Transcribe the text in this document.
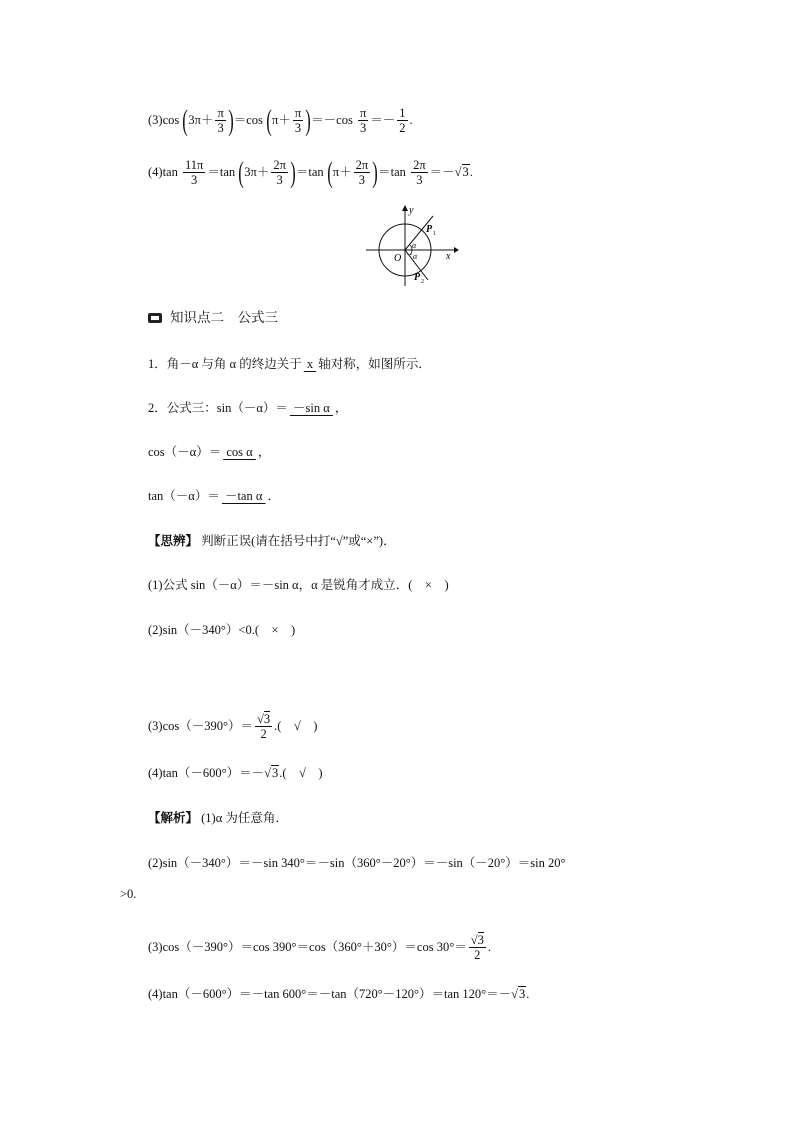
(3)cos $(3\pi+ \frac{\pi}{3} )=\cos$ $(\pi+ \frac{\pi}{3} )=-\cos \frac{\pi}{3} =- \frac{1}{2}$ .
$(4)\tan \frac{11\pi}{3} =\tan$ $(3\pi+ \frac{2\pi}{3} )=\tan$ $(\pi+ \frac{2\pi}{3} )=\tan \frac{2\pi}{3} =-√3$.
y
x
O
α
－ α
P 1
P 2
知识点二　公式三
1．角－α 与角 α 的终边关于 x 轴对称，如图所示．
2．公式三：sin（－α）＝ －sin α ，
cos（－α）＝ cos α ，
tan（－α）＝ －tan α ．
【思辨】 判断正误(请在括号中打“√”或“×”)．
(1)公式 sin（－α）＝－sin α，α 是锐角才成立．(　×　)
(2)sin（－340°）<0.(　×　)
$(3)\cos(-390^\circ)= \frac{√3}{2}$ .(　√　)
(4)tan（－600°）＝－√3.(　√　)
【解析】 (1)α 为任意角．
(2)sin（－340°）＝－sin 340°＝－sin（360°－20°）＝－sin（－20°）＝sin 20°
>0.
(3)cos（－390°）＝cos 390°＝cos（360°＋30°）＝cos $30^\circ= \frac{√3}{2}$ .
(4)tan（－600°）＝－tan 600°＝－tan（720°－120°）＝tan 120°＝－√3.
